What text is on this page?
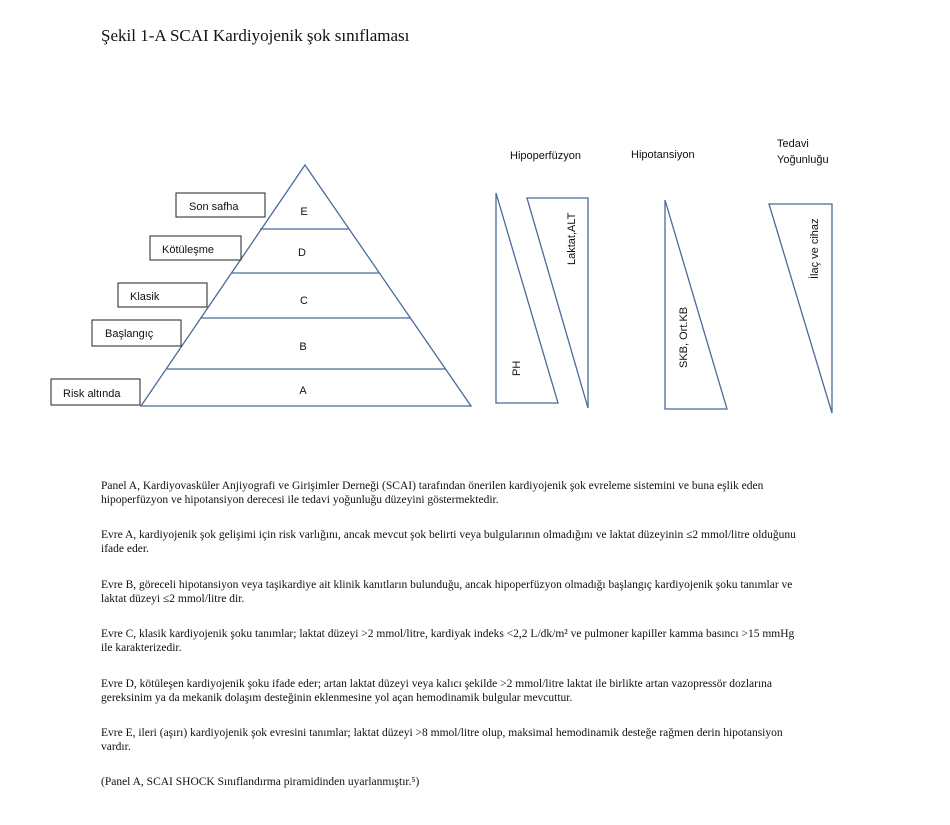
Şekil 1-A SCAI Kardiyojenik şok sınıflaması
E
D
C
B
A
Son safha
Kötüleşme
Klasik
Başlangıç
Risk altında
Hipoperfüzyon	Hipotansiyon
Tedavi
Yoğunluğu
PH
Laktat,ALT
SKB, Ort.KB
İlaç ve cihaz

Panel A, Kardiyovasküler Anjiyografi ve Girişimler Derneği (SCAI) tarafından önerilen kardiyojenik şok evreleme sistemini ve buna eşlik eden hipoperfüzyon ve hipotansiyon derecesi ile tedavi yoğunluğu düzeyini göstermektedir.

Evre A, kardiyojenik şok gelişimi için risk varlığını, ancak mevcut şok belirti veya bulgularının olmadığını ve laktat düzeyinin ≤2 mmol/litre olduğunu ifade eder.

Evre B, göreceli hipotansiyon veya taşikardiye ait klinik kanıtların bulunduğu, ancak hipoperfüzyon olmadığı başlangıç kardiyojenik şoku tanımlar ve laktat düzeyi ≤2 mmol/litre dir.

Evre C, klasik kardiyojenik şoku tanımlar; laktat düzeyi >2 mmol/litre, kardiyak indeks <2,2 L/dk/m² ve pulmoner kapiller kamma basıncı >15 mmHg ile karakterizedir.

Evre D, kötüleşen kardiyojenik şoku ifade eder; artan laktat düzeyi veya kalıcı şekilde >2 mmol/litre laktat ile birlikte artan vazopressör dozlarına gereksinim ya da mekanik dolaşım desteğinin eklenmesine yol açan hemodinamik bulgular mevcuttur.

Evre E, ileri (aşırı) kardiyojenik şok evresini tanımlar; laktat düzeyi >8 mmol/litre olup, maksimal hemodinamik desteğe rağmen derin hipotansiyon vardır.

(Panel A, SCAI SHOCK Sınıflandırma piramidinden uyarlanmıştır.⁵)
